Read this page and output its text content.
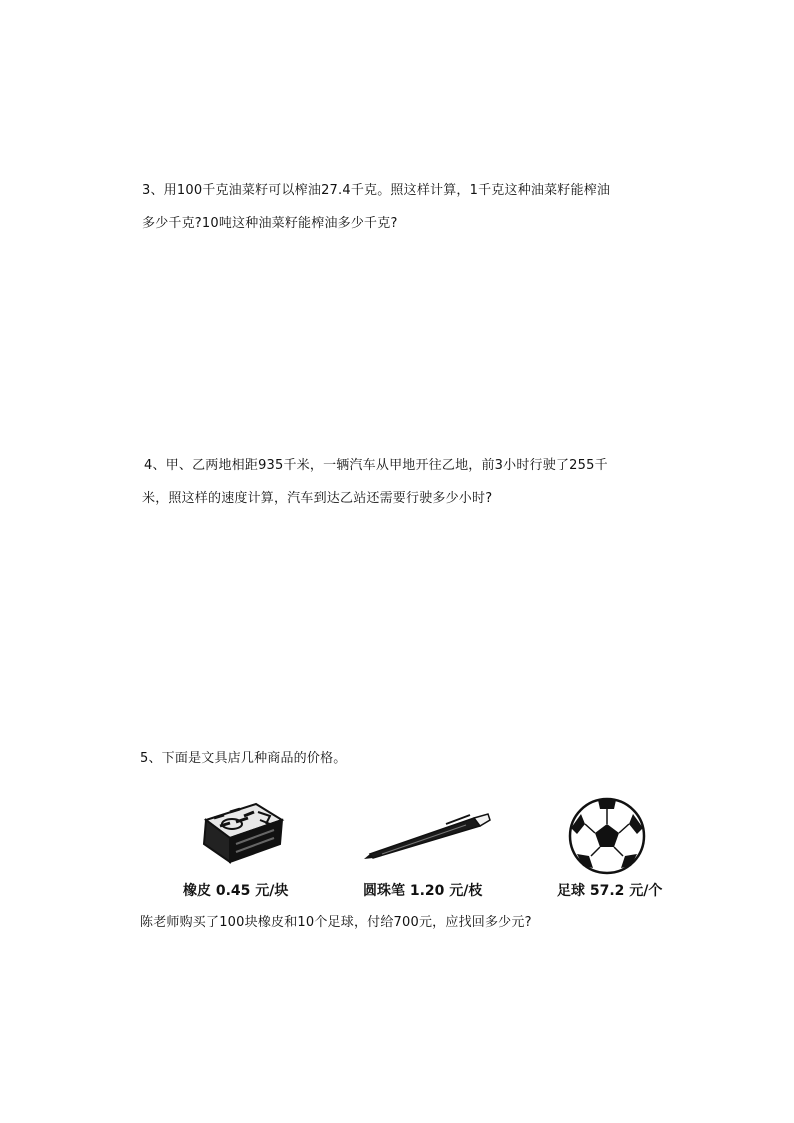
3、用100千克油菜籽可以榨油27.4千克。照这样计算，1千克这种油菜籽能榨油
多少千克?10吨这种油菜籽能榨油多少千克?
4、甲、乙两地相距935千米，一辆汽车从甲地开往乙地，前3小时行驶了255千
米，照这样的速度计算，汽车到达乙站还需要行驶多少小时?
5、下面是文具店几种商品的价格。
橡皮 0.45 元/块	圆珠笔 1.20 元/枝	足球 57.2 元/个
陈老师购买了100块橡皮和10个足球，付给700元，应找回多少元?
